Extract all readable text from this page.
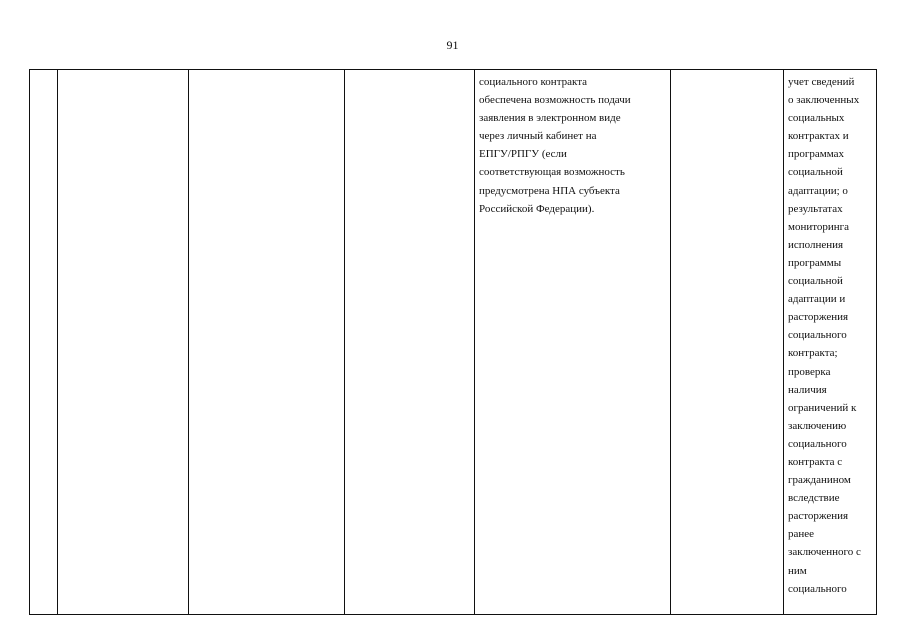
91

социального контракта
обеспечена возможность подачи
заявления в электронном виде
через личный кабинет на
ЕПГУ/РПГУ (если
соответствующая возможность
предусмотрена НПА субъекта
Российской Федерации).

учет сведений
о заключенных
социальных
контрактах и
программах
социальной
адаптации; о
результатах
мониторинга
исполнения
программы
социальной
адаптации и
расторжения
социального
контракта;
проверка
наличия
ограничений к
заключению
социального
контракта с
гражданином
вследствие
расторжения
ранее
заключенного с
ним
социального
